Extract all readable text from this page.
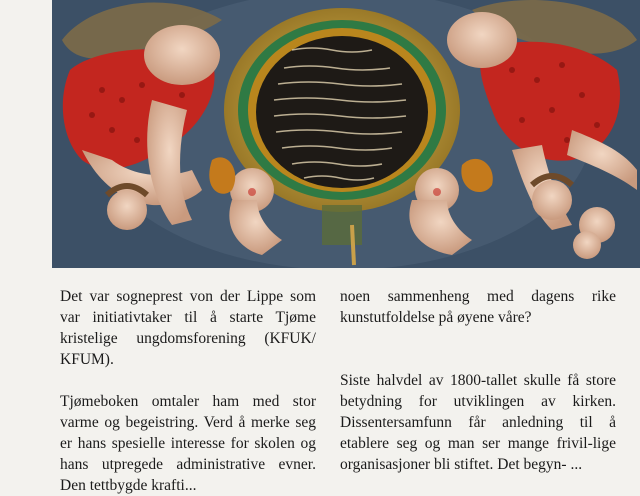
Det var sogneprest von der Lippe som var initiativtaker til å starte Tjøme kristelige ungdomsforening (KFUK/ KFUM).

Tjømeboken omtaler ham med stor varme og begeistring. Verd å merke seg er hans spesielle interesse for skolen og hans utpregede administrative evner. Den tettbygde krafti...

noen sammenheng med dagens rike kunstutfoldelse på øyene våre?

Siste halvdel av 1800-tallet skulle få store betydning for utviklingen av kirken. Dissentersamfunn får anledning til å etablere seg og man ser mange frivil-lige organisasjoner bli stiftet. Det begyn- ...
